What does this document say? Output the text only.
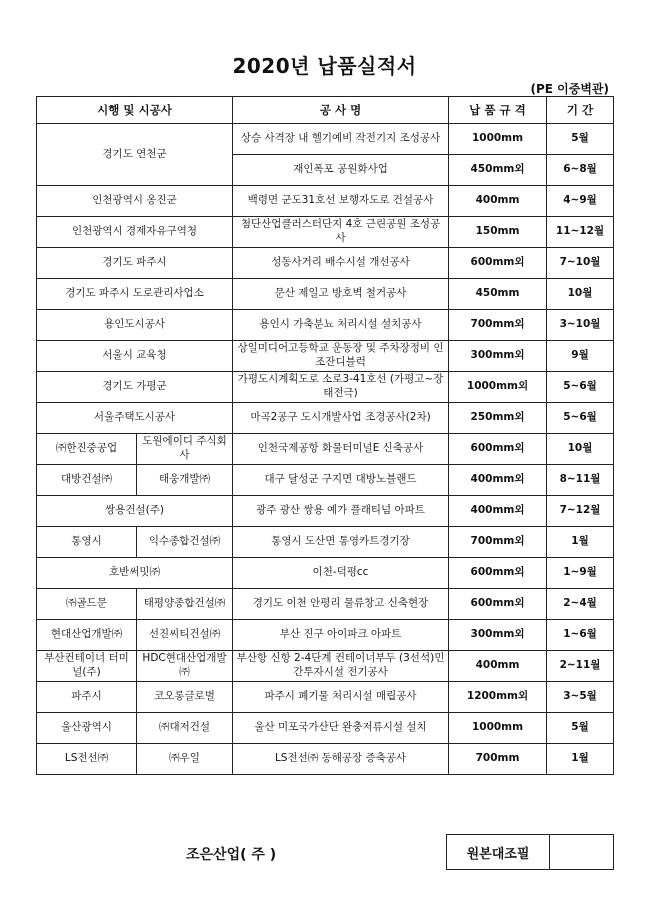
2020년 납품실적서
(PE 이중벽관)
시행 및 시공사		공 사 명	납 품 규 격	기 간
경기도 연천군		상승 사격장 내 헬기예비 작전기지 조성공사	1000mm	5월
		재인폭포 공원화사업	450mm외	6~8월
인천광역시 옹진군		백령면 군도31호선 보행자도로 건설공사	400mm	4~9월
인천광역시 경제자유구역청		첨단산업클러스터단지 4호 근린공원 조성공사	150mm	11~12월
경기도 파주시		성동사거리 배수시설 개선공사	600mm외	7~10월
경기도 파주시 도로관리사업소		문산 제일고 방호벽 철거공사	450mm	10월
용인도시공사		용인시 가축분뇨 처리시설 설치공사	700mm외	3~10월
서울시 교육청		상일미디어고등학교 운동장 및 주차장정비 인조잔디블럭	300mm외	9월
경기도 가평군		가평도시계획도로 소로3-41호선 (가평고~장태전극)	1000mm외	5~6월
서울주택도시공사		마곡2공구 도시개발사업 조경공사(2차)	250mm외	5~6월
㈜한진중공업	도원에이디 주식회사	인천국제공항 화물터미널E 신축공사	600mm외	10월
대방건설㈜	태웅개발㈜	대구 달성군 구지면 대방노블랜드	400mm외	8~11월
쌍용건설(주)		광주 광산 쌍용 예가 플래티넘 아파트	400mm외	7~12월
통영시	익수종합건설㈜	통영시 도산면 통영카트경기장	700mm외	1월
호반써밋㈜		이천-덕평cc	600mm외	1~9월
㈜골드문	태평양종합건설㈜	경기도 이천 안평리 물류창고 신축현장	600mm외	2~4월
현대산업개발㈜	선진씨티건설㈜	부산 진구 아이파크 아파트	300mm외	1~6월
부산컨테이너 터미널(주)	HDC현대산업개발㈜	부산항 신항 2-4단계 컨테이너부두 (3선석)민간투자시설 전기공사	400mm	2~11월
파주시	코오롱글로벌	파주시 폐기물 처리시설 매립공사	1200mm외	3~5월
울산광역시	㈜대저건설	울산 미포국가산단 완충저류시설 설치	1000mm	5월
LS전선㈜	㈜우일	LS전선㈜ 동해공장 증축공사	700mm	1월
조은산업( 주 )	원본대조필
